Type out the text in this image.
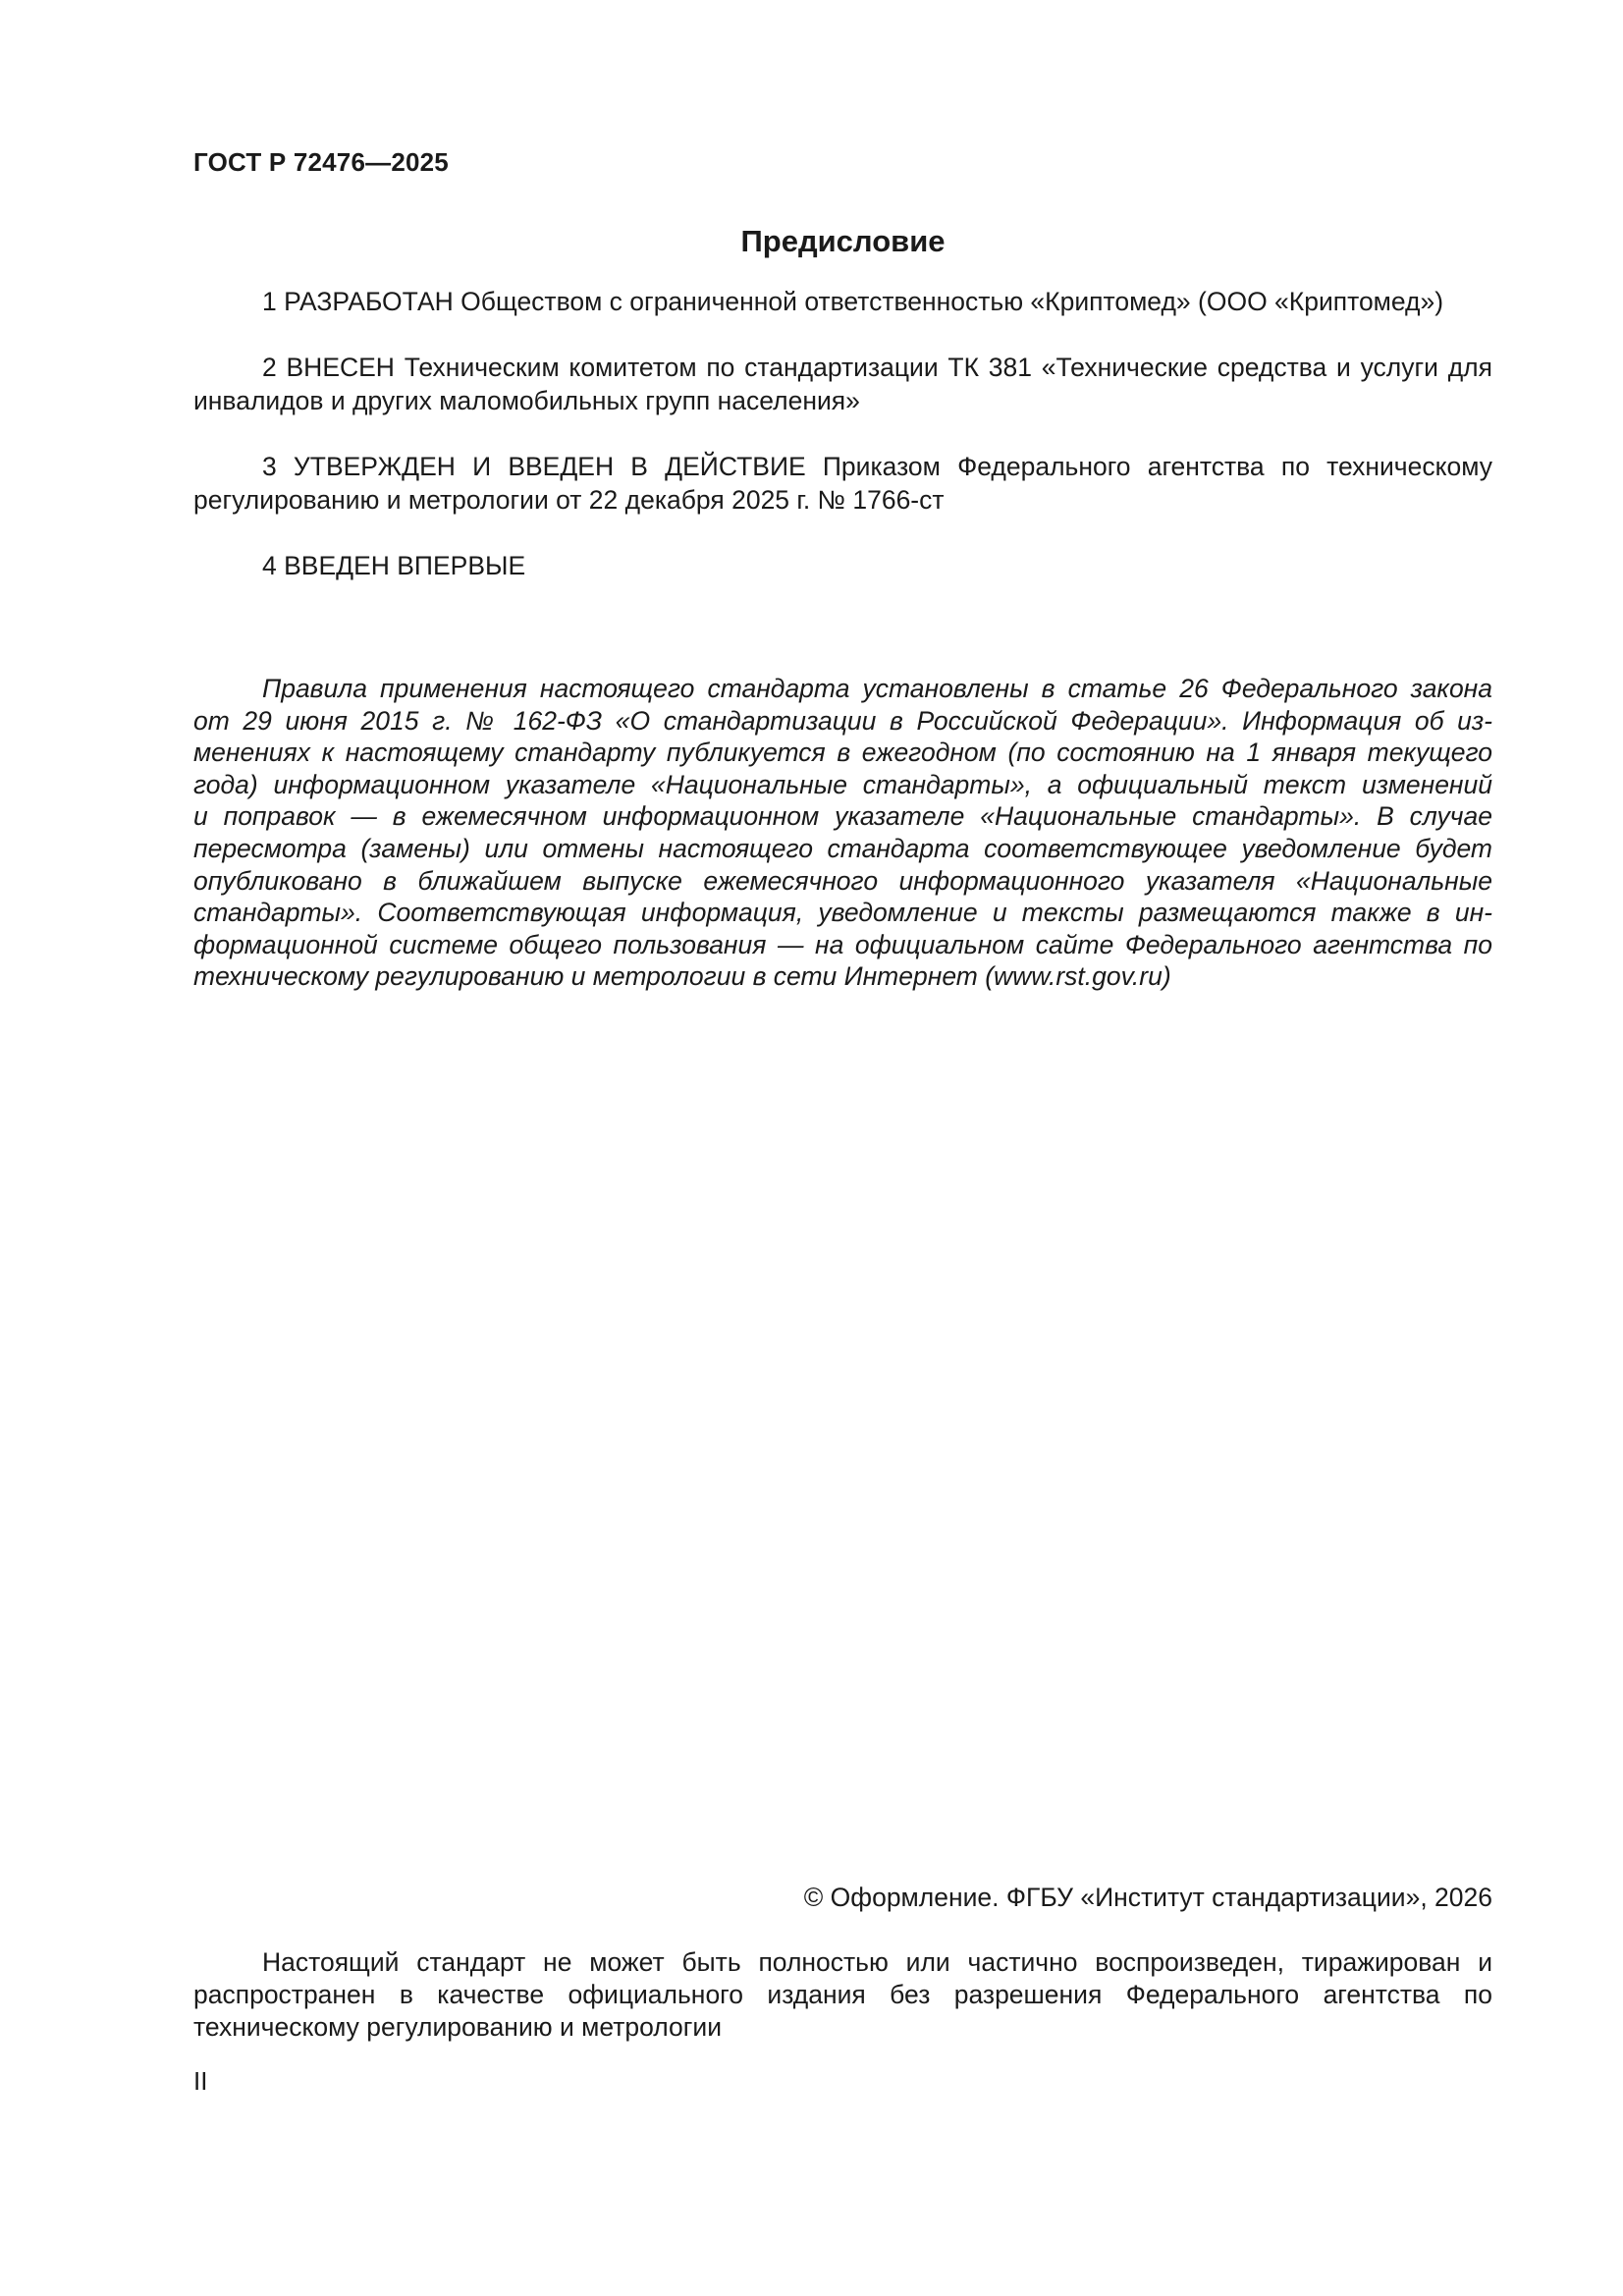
ГОСТ Р 72476—2025
Предисловие

1 РАЗРАБОТАН Обществом с ограниченной ответственностью «Криптомед» (ООО «Криптомед»)

2 ВНЕСЕН Техническим комитетом по стандартизации ТК 381 «Технические средства и услуги для инвалидов и других маломобильных групп населения»

3 УТВЕРЖДЕН И ВВЕДЕН В ДЕЙСТВИЕ Приказом Федерального агентства по техническому регулированию и метрологии от 22 декабря 2025 г. № 1766-ст

4 ВВЕДЕН ВПЕРВЫЕ

Правила применения настоящего стандарта установлены в статье 26 Федерального закона
от 29 июня 2015 г. № 162-ФЗ «О стандартизации в Российской Федерации». Информация об из-
менениях к настоящему стандарту публикуется в ежегодном (по состоянию на 1 января текущего
года) информационном указателе «Национальные стандарты», а официальный текст изменений
и поправок — в ежемесячном информационном указателе «Национальные стандарты». В случае
пересмотра (замены) или отмены настоящего стандарта соответствующее уведомление будет
опубликовано в ближайшем выпуске ежемесячного информационного указателя «Национальные
стандарты». Соответствующая информация, уведомление и тексты размещаются также в ин-
формационной системе общего пользования — на официальном сайте Федерального агентства по
техническому регулированию и метрологии в сети Интернет (www.rst.gov.ru)
© Оформление. ФГБУ «Институт стандартизации», 2026

Настоящий стандарт не может быть полностью или частично воспроизведен, тиражирован и распространен в качестве официального издания без разрешения Федерального агентства по техническому регулированию и метрологии

II
